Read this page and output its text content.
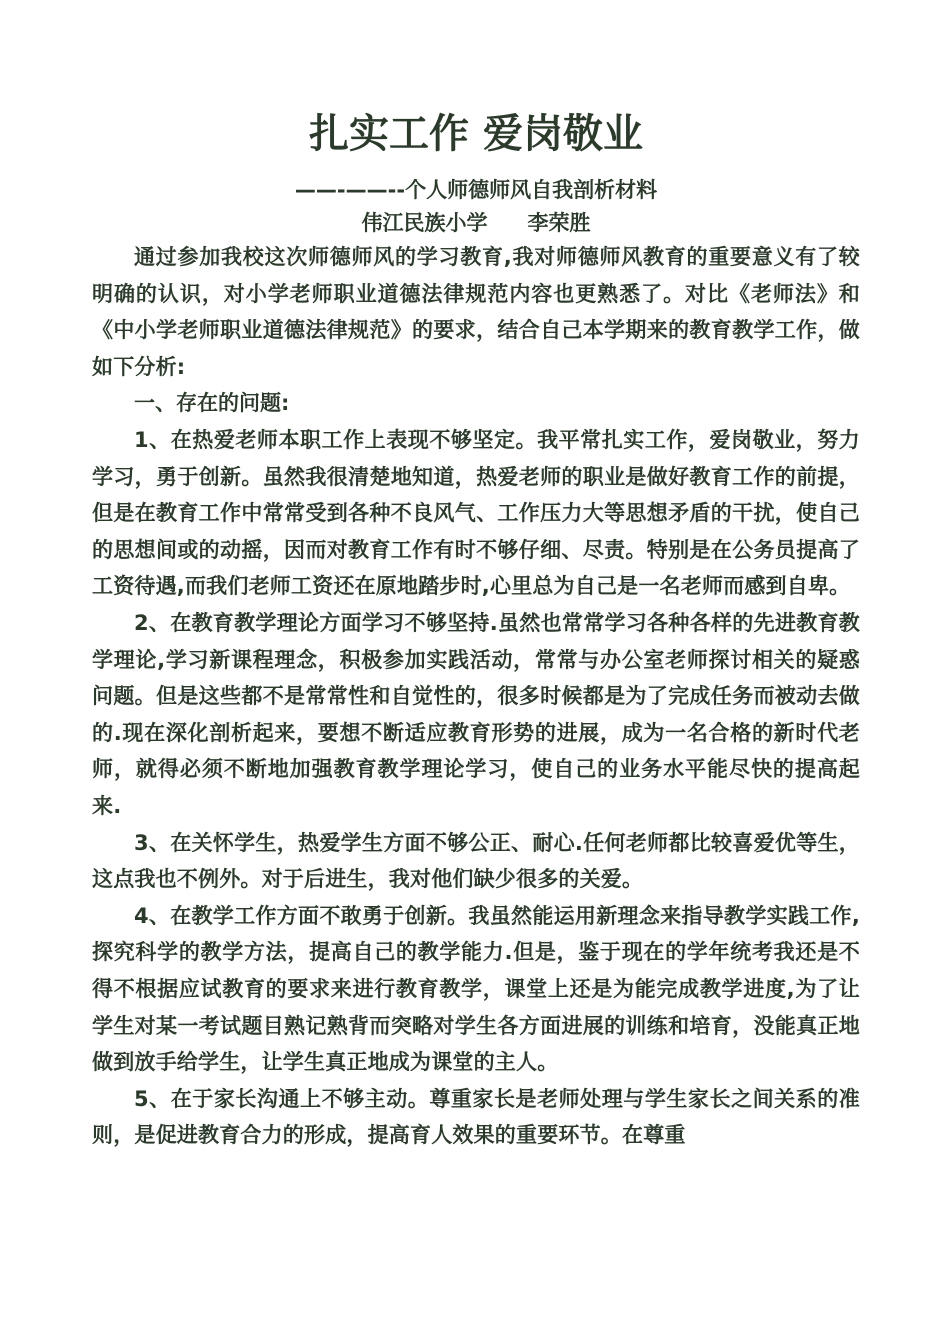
扎实工作 爱岗敬业

——-——--个人师德师风自我剖析材料

伟江民族小学 李荣胜

通过参加我校这次师德师风的学习教育,我对师德师风教育的重要意义有了较明确的认识，对小学老师职业道德法律规范内容也更熟悉了。对比《老师法》和《中小学老师职业道德法律规范》的要求，结合自己本学期来的教育教学工作，做如下分析:

一、存在的问题:

1、在热爱老师本职工作上表现不够坚定。我平常扎实工作，爱岗敬业，努力学习，勇于创新。虽然我很清楚地知道，热爱老师的职业是做好教育工作的前提，但是在教育工作中常常受到各种不良风气、工作压力大等思想矛盾的干扰，使自己的思想间或的动摇，因而对教育工作有时不够仔细、尽责。特别是在公务员提高了工资待遇,而我们老师工资还在原地踏步时,心里总为自己是一名老师而感到自卑。

2、在教育教学理论方面学习不够坚持.虽然也常常学习各种各样的先进教育教学理论,学习新课程理念，积极参加实践活动，常常与办公室老师探讨相关的疑惑问题。但是这些都不是常常性和自觉性的，很多时候都是为了完成任务而被动去做的.现在深化剖析起来，要想不断适应教育形势的进展，成为一名合格的新时代老师，就得必须不断地加强教育教学理论学习，使自己的业务水平能尽快的提高起来.

3、在关怀学生，热爱学生方面不够公正、耐心.任何老师都比较喜爱优等生，这点我也不例外。对于后进生，我对他们缺少很多的关爱。

4、在教学工作方面不敢勇于创新。我虽然能运用新理念来指导教学实践工作,探究科学的教学方法，提高自己的教学能力.但是，鉴于现在的学年统考我还是不得不根据应试教育的要求来进行教育教学，课堂上还是为能完成教学进度,为了让学生对某一考试题目熟记熟背而突略对学生各方面进展的训练和培育，没能真正地做到放手给学生，让学生真正地成为课堂的主人。

5、在于家长沟通上不够主动。尊重家长是老师处理与学生家长之间关系的准则，是促进教育合力的形成，提高育人效果的重要环节。在尊重
